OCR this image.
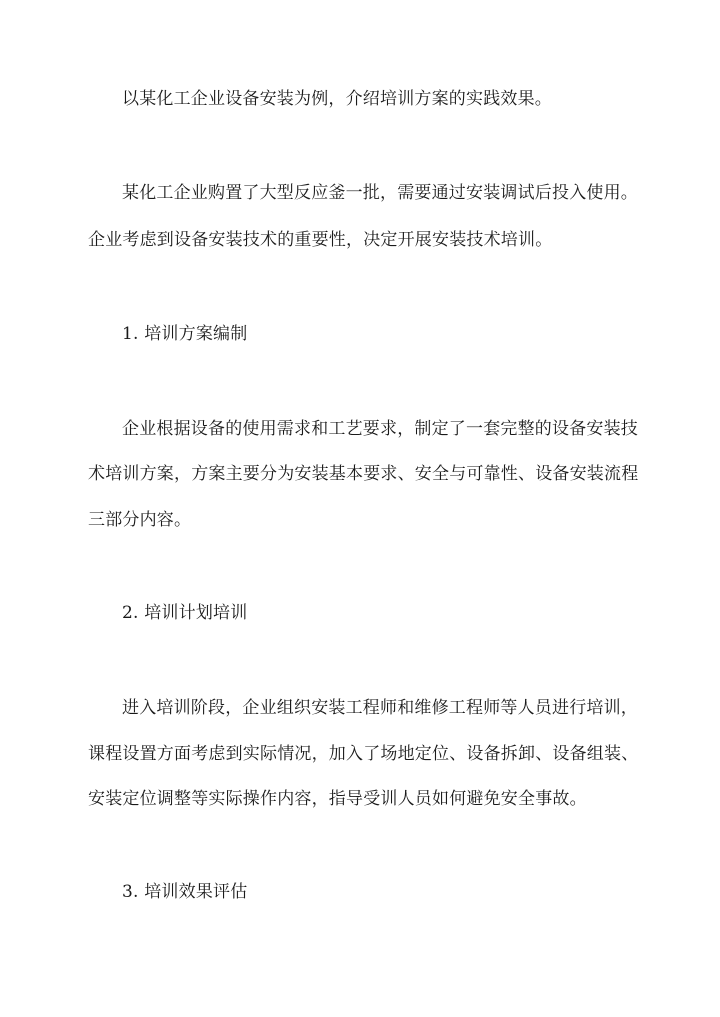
以某化工企业设备安装为例，介绍培训方案的实践效果。
某化工企业购置了大型反应釜一批，需要通过安装调试后投入使用。
企业考虑到设备安装技术的重要性，决定开展安装技术培训。
1. 培训方案编制
企业根据设备的使用需求和工艺要求，制定了一套完整的设备安装技
术培训方案，方案主要分为安装基本要求、安全与可靠性、设备安装流程
三部分内容。
2. 培训计划培训
进入培训阶段，企业组织安装工程师和维修工程师等人员进行培训，
课程设置方面考虑到实际情况，加入了场地定位、设备拆卸、设备组装、
安装定位调整等实际操作内容，指导受训人员如何避免安全事故。
3. 培训效果评估
